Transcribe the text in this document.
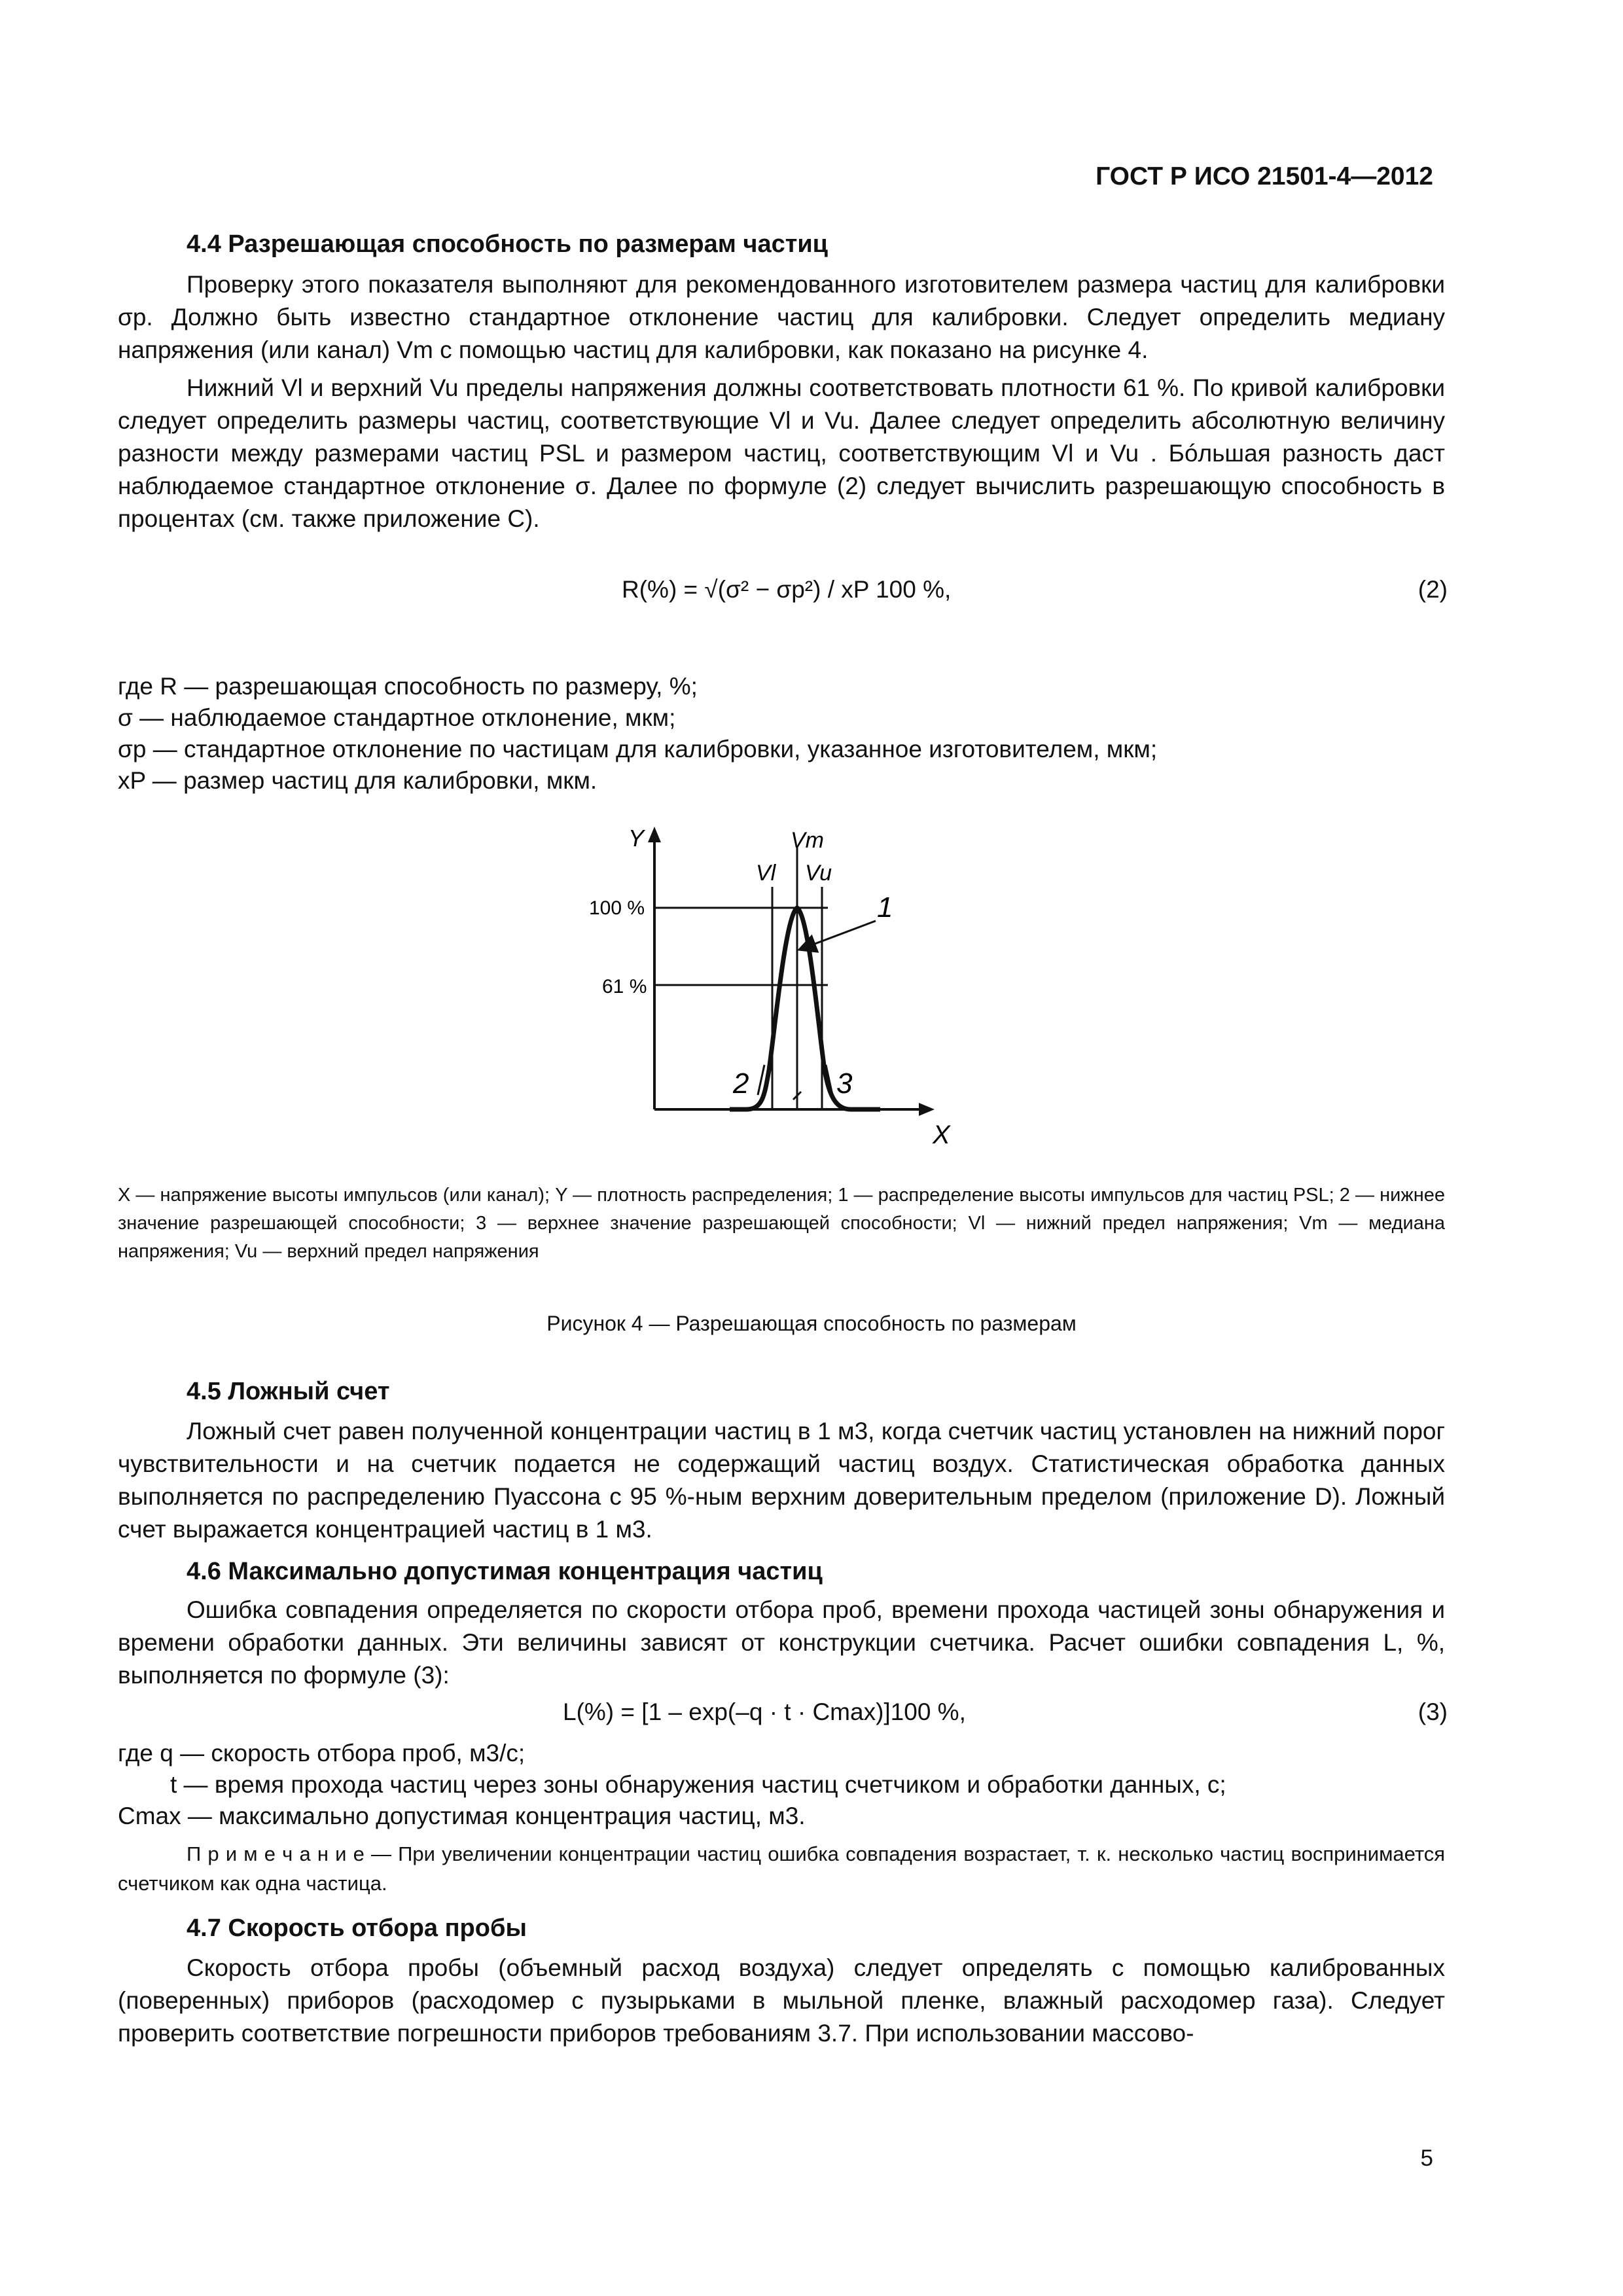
ГОСТ Р ИСО 21501-4—2012
4.4 Разрешающая способность по размерам частиц

Проверку этого показателя выполняют для рекомендованного изготовителем размера частиц для калибровки σp. Должно быть известно стандартное отклонение частиц для калибровки. Следует определить медиану напряжения (или канал) Vm с помощью частиц для калибровки, как показано на рисунке 4.

Нижний Vl и верхний Vu пределы напряжения должны соответствовать плотности 61 %. По кривой калибровки следует определить размеры частиц, соответствующие Vl и Vu. Далее следует определить абсолютную величину разности между размерами частиц PSL и размером частиц, соответствующим Vl и Vu . Бóльшая разность даст наблюдаемое стандартное отклонение σ. Далее по формуле (2) следует вычислить разрешающую способность в процентах (см. также приложение С).

R(%) = √(σ² − σp²) / xP 100 %,	(2)
где R — разрешающая способность по размеру, %;
σ — наблюдаемое стандартное отклонение, мкм;
σp — стандартное отклонение по частицам для калибровки, указанное изготовителем, мкм;
xP — размер частиц для калибровки, мкм.
Y
X
Vm
Vl Vu
100 %
61 %
1
2	3
X — напряжение высоты импульсов (или канал); Y — плотность распределения; 1 — распределение высоты импульсов для частиц PSL; 2 — нижнее значение разрешающей способности; 3 — верхнее значение разрешающей способности; Vl — нижний предел напряжения; Vm — медиана напряжения; Vu — верхний предел напряжения
Рисунок 4 — Разрешающая способность по размерам
4.5 Ложный счет

Ложный счет равен полученной концентрации частиц в 1 м3, когда счетчик частиц установлен на нижний порог чувствительности и на счетчик подается не содержащий частиц воздух. Статистическая обработка данных выполняется по распределению Пуассона с 95 %-ным верхним доверительным пределом (приложение D). Ложный счет выражается концентрацией частиц в 1 м3.

4.6 Максимально допустимая концентрация частиц

Ошибка совпадения определяется по скорости отбора проб, времени прохода частицей зоны обнаружения и времени обработки данных. Эти величины зависят от конструкции счетчика. Расчет ошибки совпадения L, %, выполняется по формуле (3):

L(%) = [1 – exp(–q · t · Cmax)]100 %,	(3)
где q — скорость отбора проб, м3/с;
t — время прохода частиц через зоны обнаружения частиц счетчиком и обработки данных, с;
Cmax — максимально допустимая концентрация частиц, м3.
П р и м е ч а н и е — При увеличении концентрации частиц ошибка совпадения возрастает, т. к. несколько частиц воспринимается счетчиком как одна частица.
4.7 Скорость отбора пробы

Скорость отбора пробы (объемный расход воздуха) следует определять с помощью калиброванных (поверенных) приборов (расходомер с пузырьками в мыльной пленке, влажный расходомер газа). Следует проверить соответствие погрешности приборов требованиям 3.7. При использовании массово-

5
